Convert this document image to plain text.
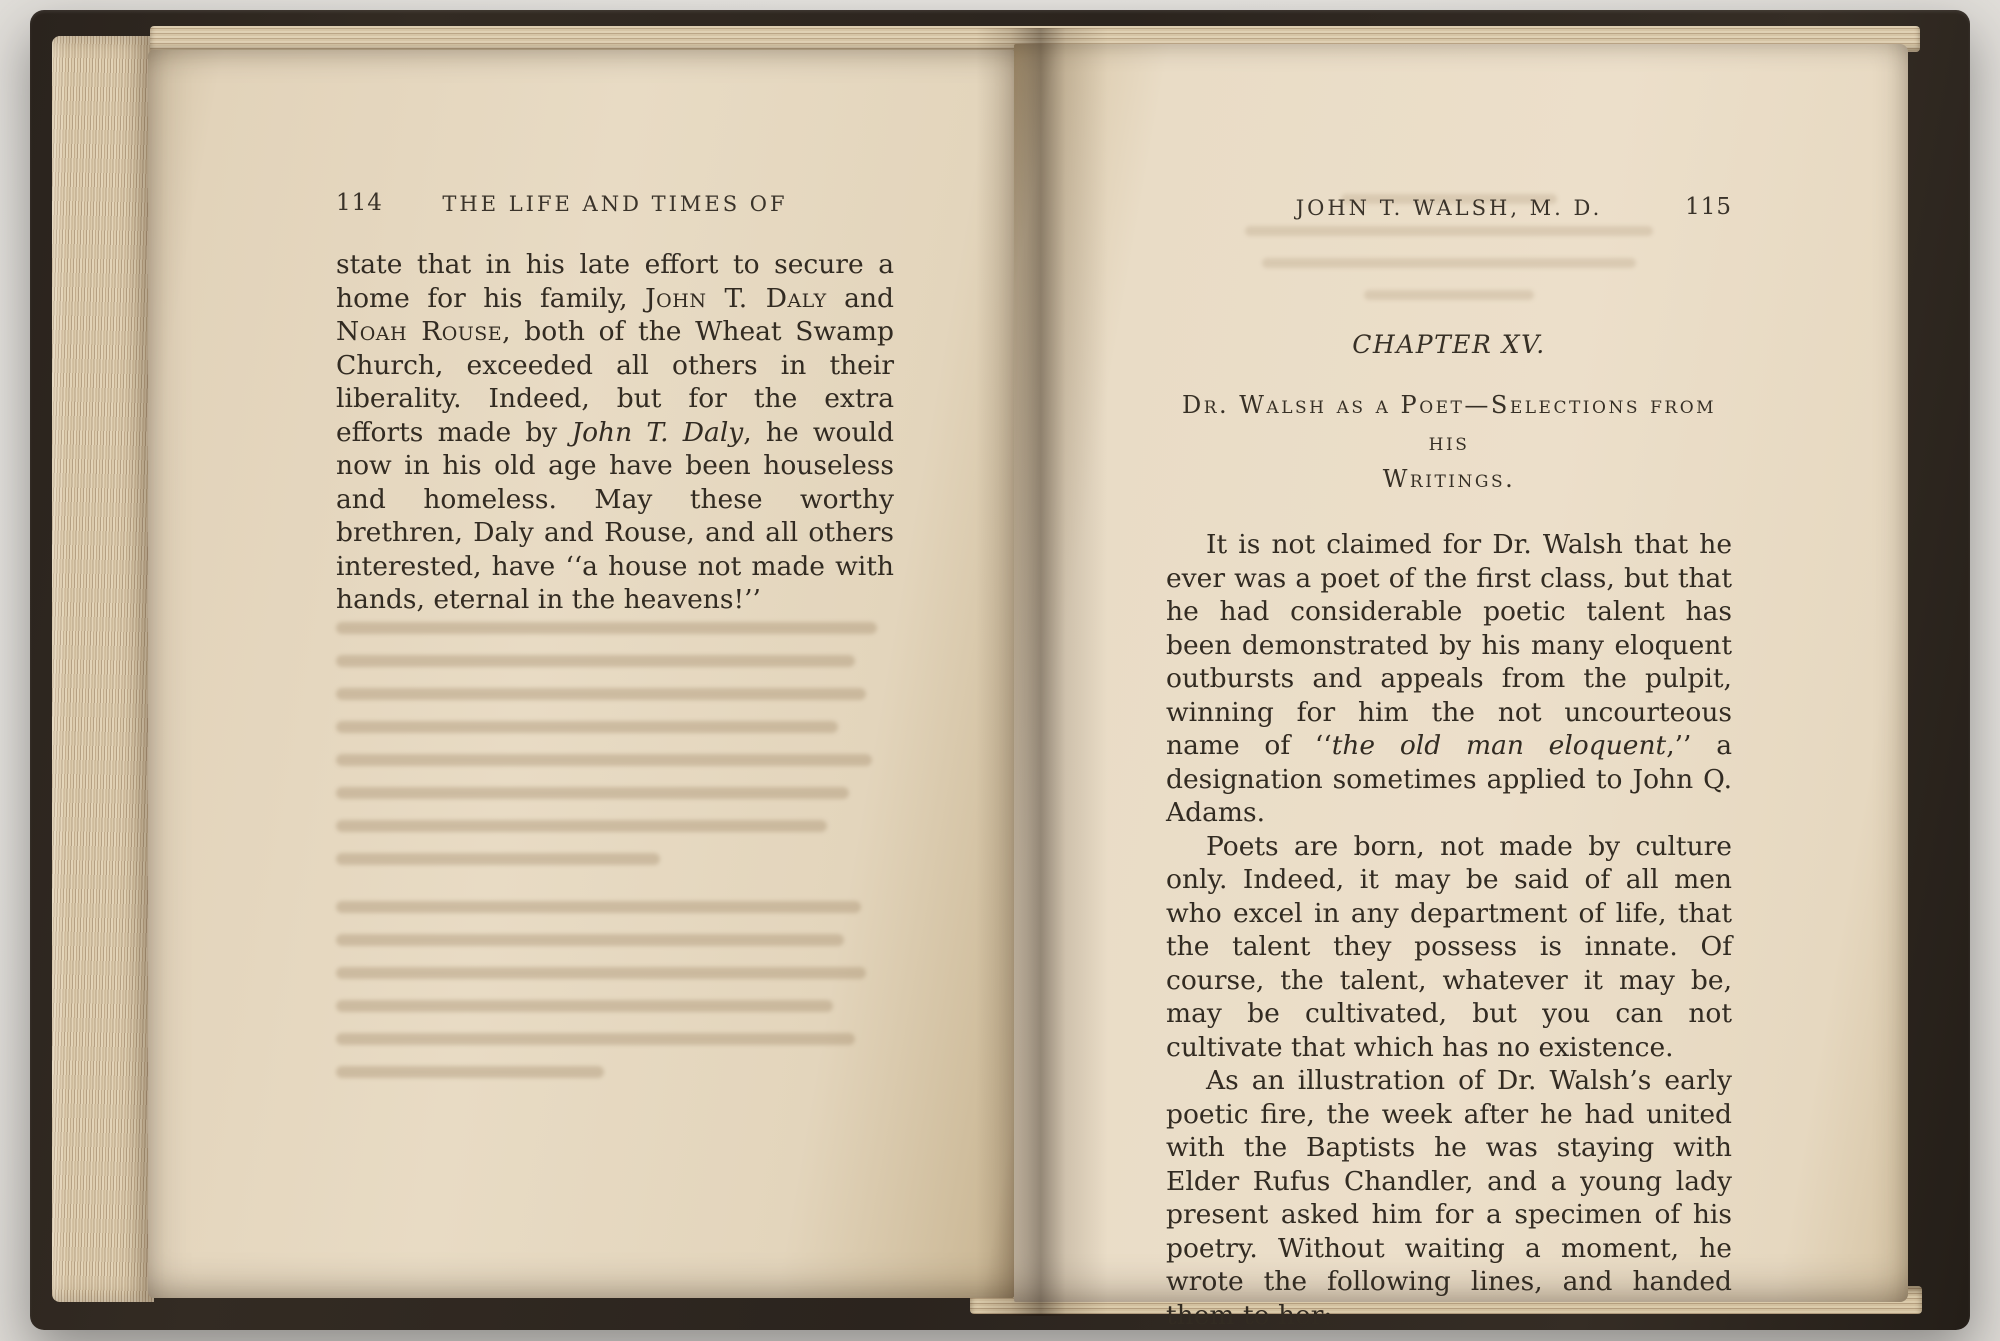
114	THE LIFE AND TIMES OF

state that in his late effort to secure a home for his family, John T. Daly and Noah Rouse, both of the Wheat Swamp Church, exceeded all others in their liberality. Indeed, but for the extra efforts made by John T. Daly, he would now in his old age have been houseless and homeless. May these worthy brethren, Daly and Rouse, and all others interested, have ‘‘a house not made with hands, eternal in the heavens!’’

JOHN T. WALSH, M. D.	115
CHAPTER XV.
Dr. Walsh as a Poet—Selections from his
Writings.

It is not claimed for Dr. Walsh that he ever was a poet of the first class, but that he had considerable poetic talent has been demonstrated by his many eloquent outbursts and appeals from the pulpit, winning for him the not uncourteous name of ‘‘the old man eloquent,’’ a designation sometimes applied to John Q. Adams.

Poets are born, not made by culture only. Indeed, it may be said of all men who excel in any department of life, that the talent they possess is innate. Of course, the talent, whatever it may be, may be cultivated, but you can not cultivate that which has no existence.

As an illustration of Dr. Walsh’s early poetic fire, the week after he had united with the Baptists he was staying with Elder Rufus Chandler, and a young lady present asked him for a specimen of his poetry. Without waiting a moment, he wrote the following lines, and handed them to her:
